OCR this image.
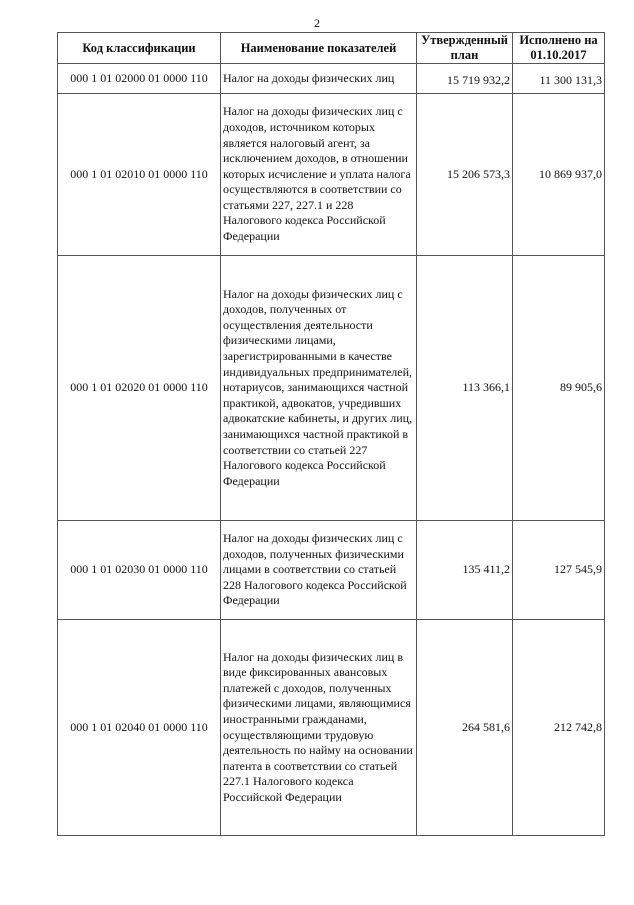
2
Код классификации	Наименование показателей	Утвержденный план	Исполнено на
01.10.2017
000 1 01 02000 01 0000 110	Налог на доходы физических лиц	15 719 932,2	11 300 131,3
000 1 01 02010 01 0000 110	Налог на доходы физических лиц с доходов, источником которых является налоговый агент, за исключением доходов, в отношении которых исчисление и уплата налога осуществляются в соответствии со статьями 227, 227.1 и 228 Налогового кодекса Российской Федерации	15 206 573,3	10 869 937,0
000 1 01 02020 01 0000 110	Налог на доходы физических лиц с доходов, полученных от осуществления деятельности физическими лицами, зарегистрированными в качестве индивидуальных предпринимателей, нотариусов, занимающихся частной практикой, адвокатов, учредивших адвокатские кабинеты, и других лиц, занимающихся частной практикой в соответствии со статьей 227 Налогового кодекса Российской Федерации	113 366,1	89 905,6
000 1 01 02030 01 0000 110	Налог на доходы физических лиц с доходов, полученных физическими лицами в соответствии со статьей 228 Налогового кодекса Российской Федерации	135 411,2	127 545,9
000 1 01 02040 01 0000 110	Налог на доходы физических лиц в виде фиксированных авансовых платежей с доходов, полученных физическими лицами, являющимися иностранными гражданами, осуществляющими трудовую деятельность по найму на основании патента в соответствии со статьей 227.1 Налогового кодекса Российской Федерации	264 581,6	212 742,8
